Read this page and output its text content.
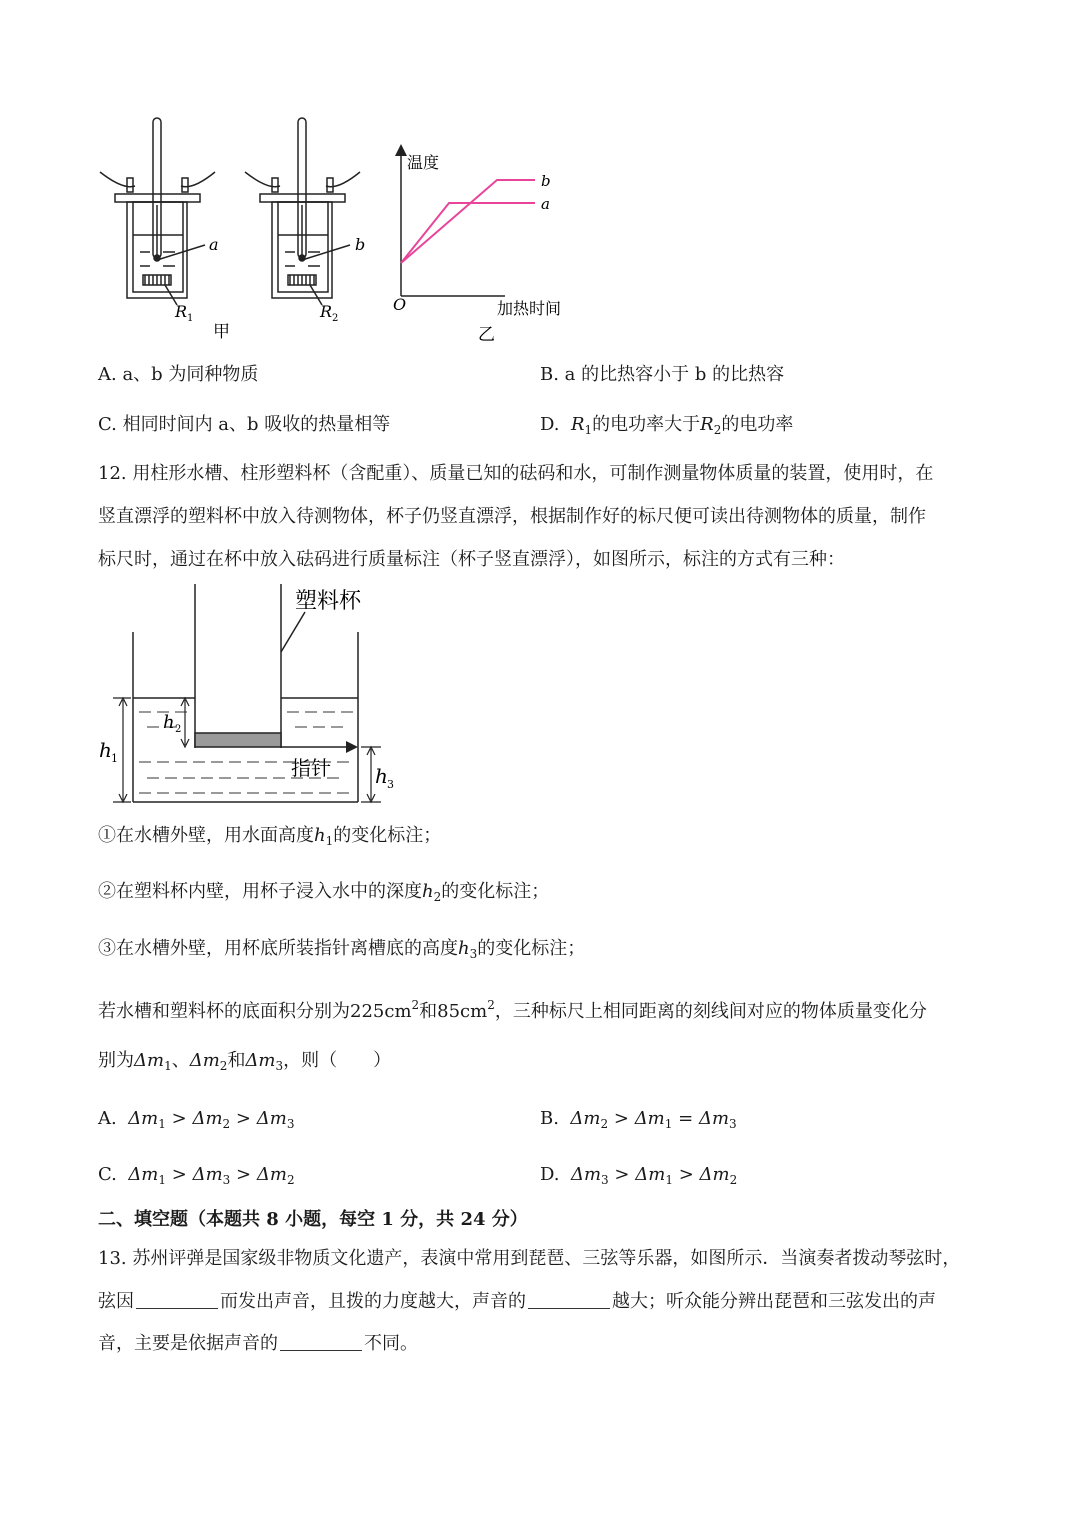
a
R 1
甲
b
R 2
温度
O	加热时间
b
a
乙
A. a、b 为同种物质	B. a 的比热容小于 b 的比热容
C. 相同时间内 a、b 吸收的热量相等	D. $R_1$的电功率大于$R_2$的电功率
12. 用柱形水槽、柱形塑料杯（含配重）、质量已知的砝码和水，可制作测量物体质量的装置，使用时，在
竖直漂浮的塑料杯中放入待测物体，杯子仍竖直漂浮，根据制作好的标尺便可读出待测物体的质量，制作
标尺时，通过在杯中放入砝码进行质量标注（杯子竖直漂浮），如图所示，标注的方式有三种：
塑料杯
指针
h 1
h 2
h 3
①在水槽外壁，用水面高度$h_1$的变化标注；
②在塑料杯内壁，用杯子浸入水中的深度$h_2$的变化标注；
③在水槽外壁，用杯底所装指针离槽底的高度$h_3$的变化标注；
若水槽和塑料杯的底面积分别为$225cm^2$和$85cm^2$，三种标尺上相同距离的刻线间对应的物体质量变化分
别为$\Delta m_1$、$\Delta m_2$和$\Delta m_3$，则（　　）
A. $\Delta m_1 > \Delta m_2 > \Delta m_3$	B. $\Delta m_2 > \Delta m_1 = \Delta m_3$
C. $\Delta m_1 > \Delta m_3 > \Delta m_2$	D. $\Delta m_3 > \Delta m_1 > \Delta m_2$
二、填空题（本题共 8 小题，每空 1 分，共 24 分）
13. 苏州评弹是国家级非物质文化遗产，表演中常用到琵琶、三弦等乐器，如图所示．当演奏者拨动琴弦时，
弦因	而发出声音，且拨的力度越大，声音的	越大；听众能分辨出琵琶和三弦发出的声
音，主要是依据声音的	不同。
